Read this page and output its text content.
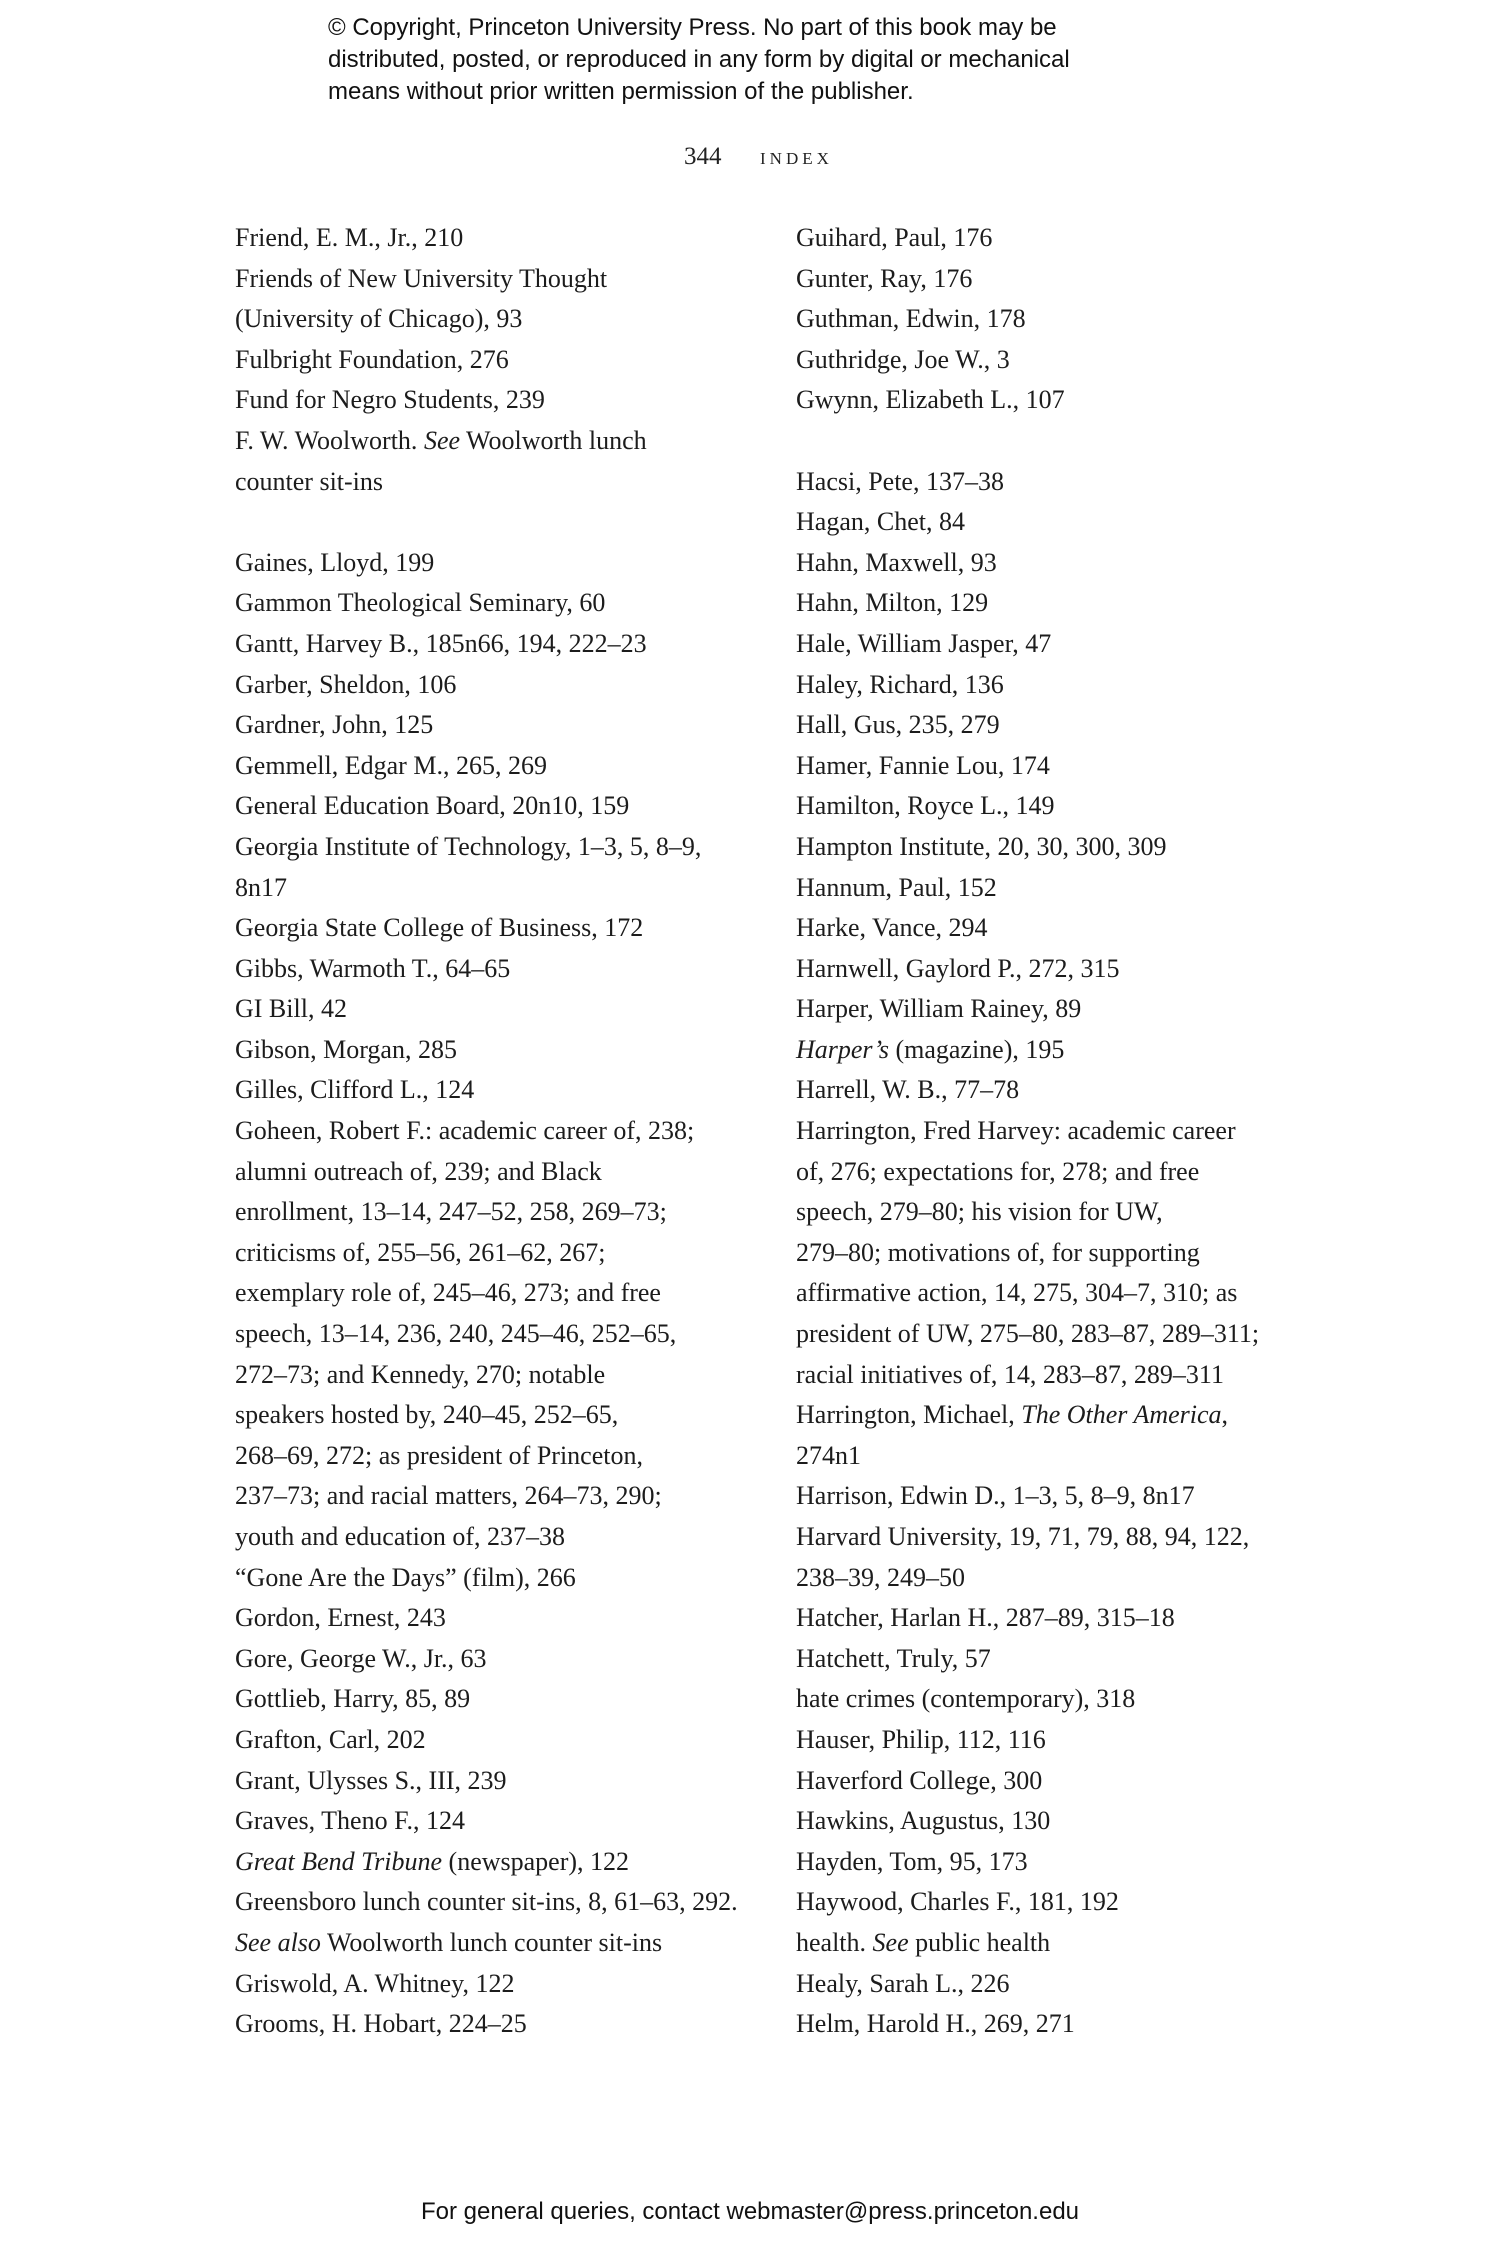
© Copyright, Princeton University Press. No part of this book may be
distributed, posted, or reproduced in any form by digital or mechanical
means without prior written permission of the publisher.
344 INDEX
Friend, E. M., Jr., 210
Friends of New University Thought
(University of Chicago), 93
Fulbright Foundation, 276
Fund for Negro Students, 239
F. W. Woolworth. See Woolworth lunch
counter sit-ins
Gaines, Lloyd, 199
Gammon Theological Seminary, 60
Gantt, Harvey B., 185n66, 194, 222–23
Garber, Sheldon, 106
Gardner, John, 125
Gemmell, Edgar M., 265, 269
General Education Board, 20n10, 159
Georgia Institute of Technology, 1–3, 5, 8–9,
8n17
Georgia State College of Business, 172
Gibbs, Warmoth T., 64–65
GI Bill, 42
Gibson, Morgan, 285
Gilles, Clifford L., 124
Goheen, Robert F.: academic career of, 238;
alumni outreach of, 239; and Black
enrollment, 13–14, 247–52, 258, 269–73;
criticisms of, 255–56, 261–62, 267;
exemplary role of, 245–46, 273; and free
speech, 13–14, 236, 240, 245–46, 252–65,
272–73; and Kennedy, 270; notable
speakers hosted by, 240–45, 252–65,
268–69, 272; as president of Princeton,
237–73; and racial matters, 264–73, 290;
youth and education of, 237–38
“Gone Are the Days” (film), 266
Gordon, Ernest, 243
Gore, George W., Jr., 63
Gottlieb, Harry, 85, 89
Grafton, Carl, 202
Grant, Ulysses S., III, 239
Graves, Theno F., 124
Great Bend Tribune (newspaper), 122
Greensboro lunch counter sit-ins, 8, 61–63, 292.
See also Woolworth lunch counter sit-ins
Griswold, A. Whitney, 122
Grooms, H. Hobart, 224–25
Guihard, Paul, 176
Gunter, Ray, 176
Guthman, Edwin, 178
Guthridge, Joe W., 3
Gwynn, Elizabeth L., 107
Hacsi, Pete, 137–38
Hagan, Chet, 84
Hahn, Maxwell, 93
Hahn, Milton, 129
Hale, William Jasper, 47
Haley, Richard, 136
Hall, Gus, 235, 279
Hamer, Fannie Lou, 174
Hamilton, Royce L., 149
Hampton Institute, 20, 30, 300, 309
Hannum, Paul, 152
Harke, Vance, 294
Harnwell, Gaylord P., 272, 315
Harper, William Rainey, 89
Harper’s (magazine), 195
Harrell, W. B., 77–78
Harrington, Fred Harvey: academic career
of, 276; expectations for, 278; and free
speech, 279–80; his vision for UW,
279–80; motivations of, for supporting
affirmative action, 14, 275, 304–7, 310; as
president of UW, 275–80, 283–87, 289–311;
racial initiatives of, 14, 283–87, 289–311
Harrington, Michael, The Other America,
274n1
Harrison, Edwin D., 1–3, 5, 8–9, 8n17
Harvard University, 19, 71, 79, 88, 94, 122,
238–39, 249–50
Hatcher, Harlan H., 287–89, 315–18
Hatchett, Truly, 57
hate crimes (contemporary), 318
Hauser, Philip, 112, 116
Haverford College, 300
Hawkins, Augustus, 130
Hayden, Tom, 95, 173
Haywood, Charles F., 181, 192
health. See public health
Healy, Sarah L., 226
Helm, Harold H., 269, 271
For general queries, contact webmaster@press.princeton.edu
